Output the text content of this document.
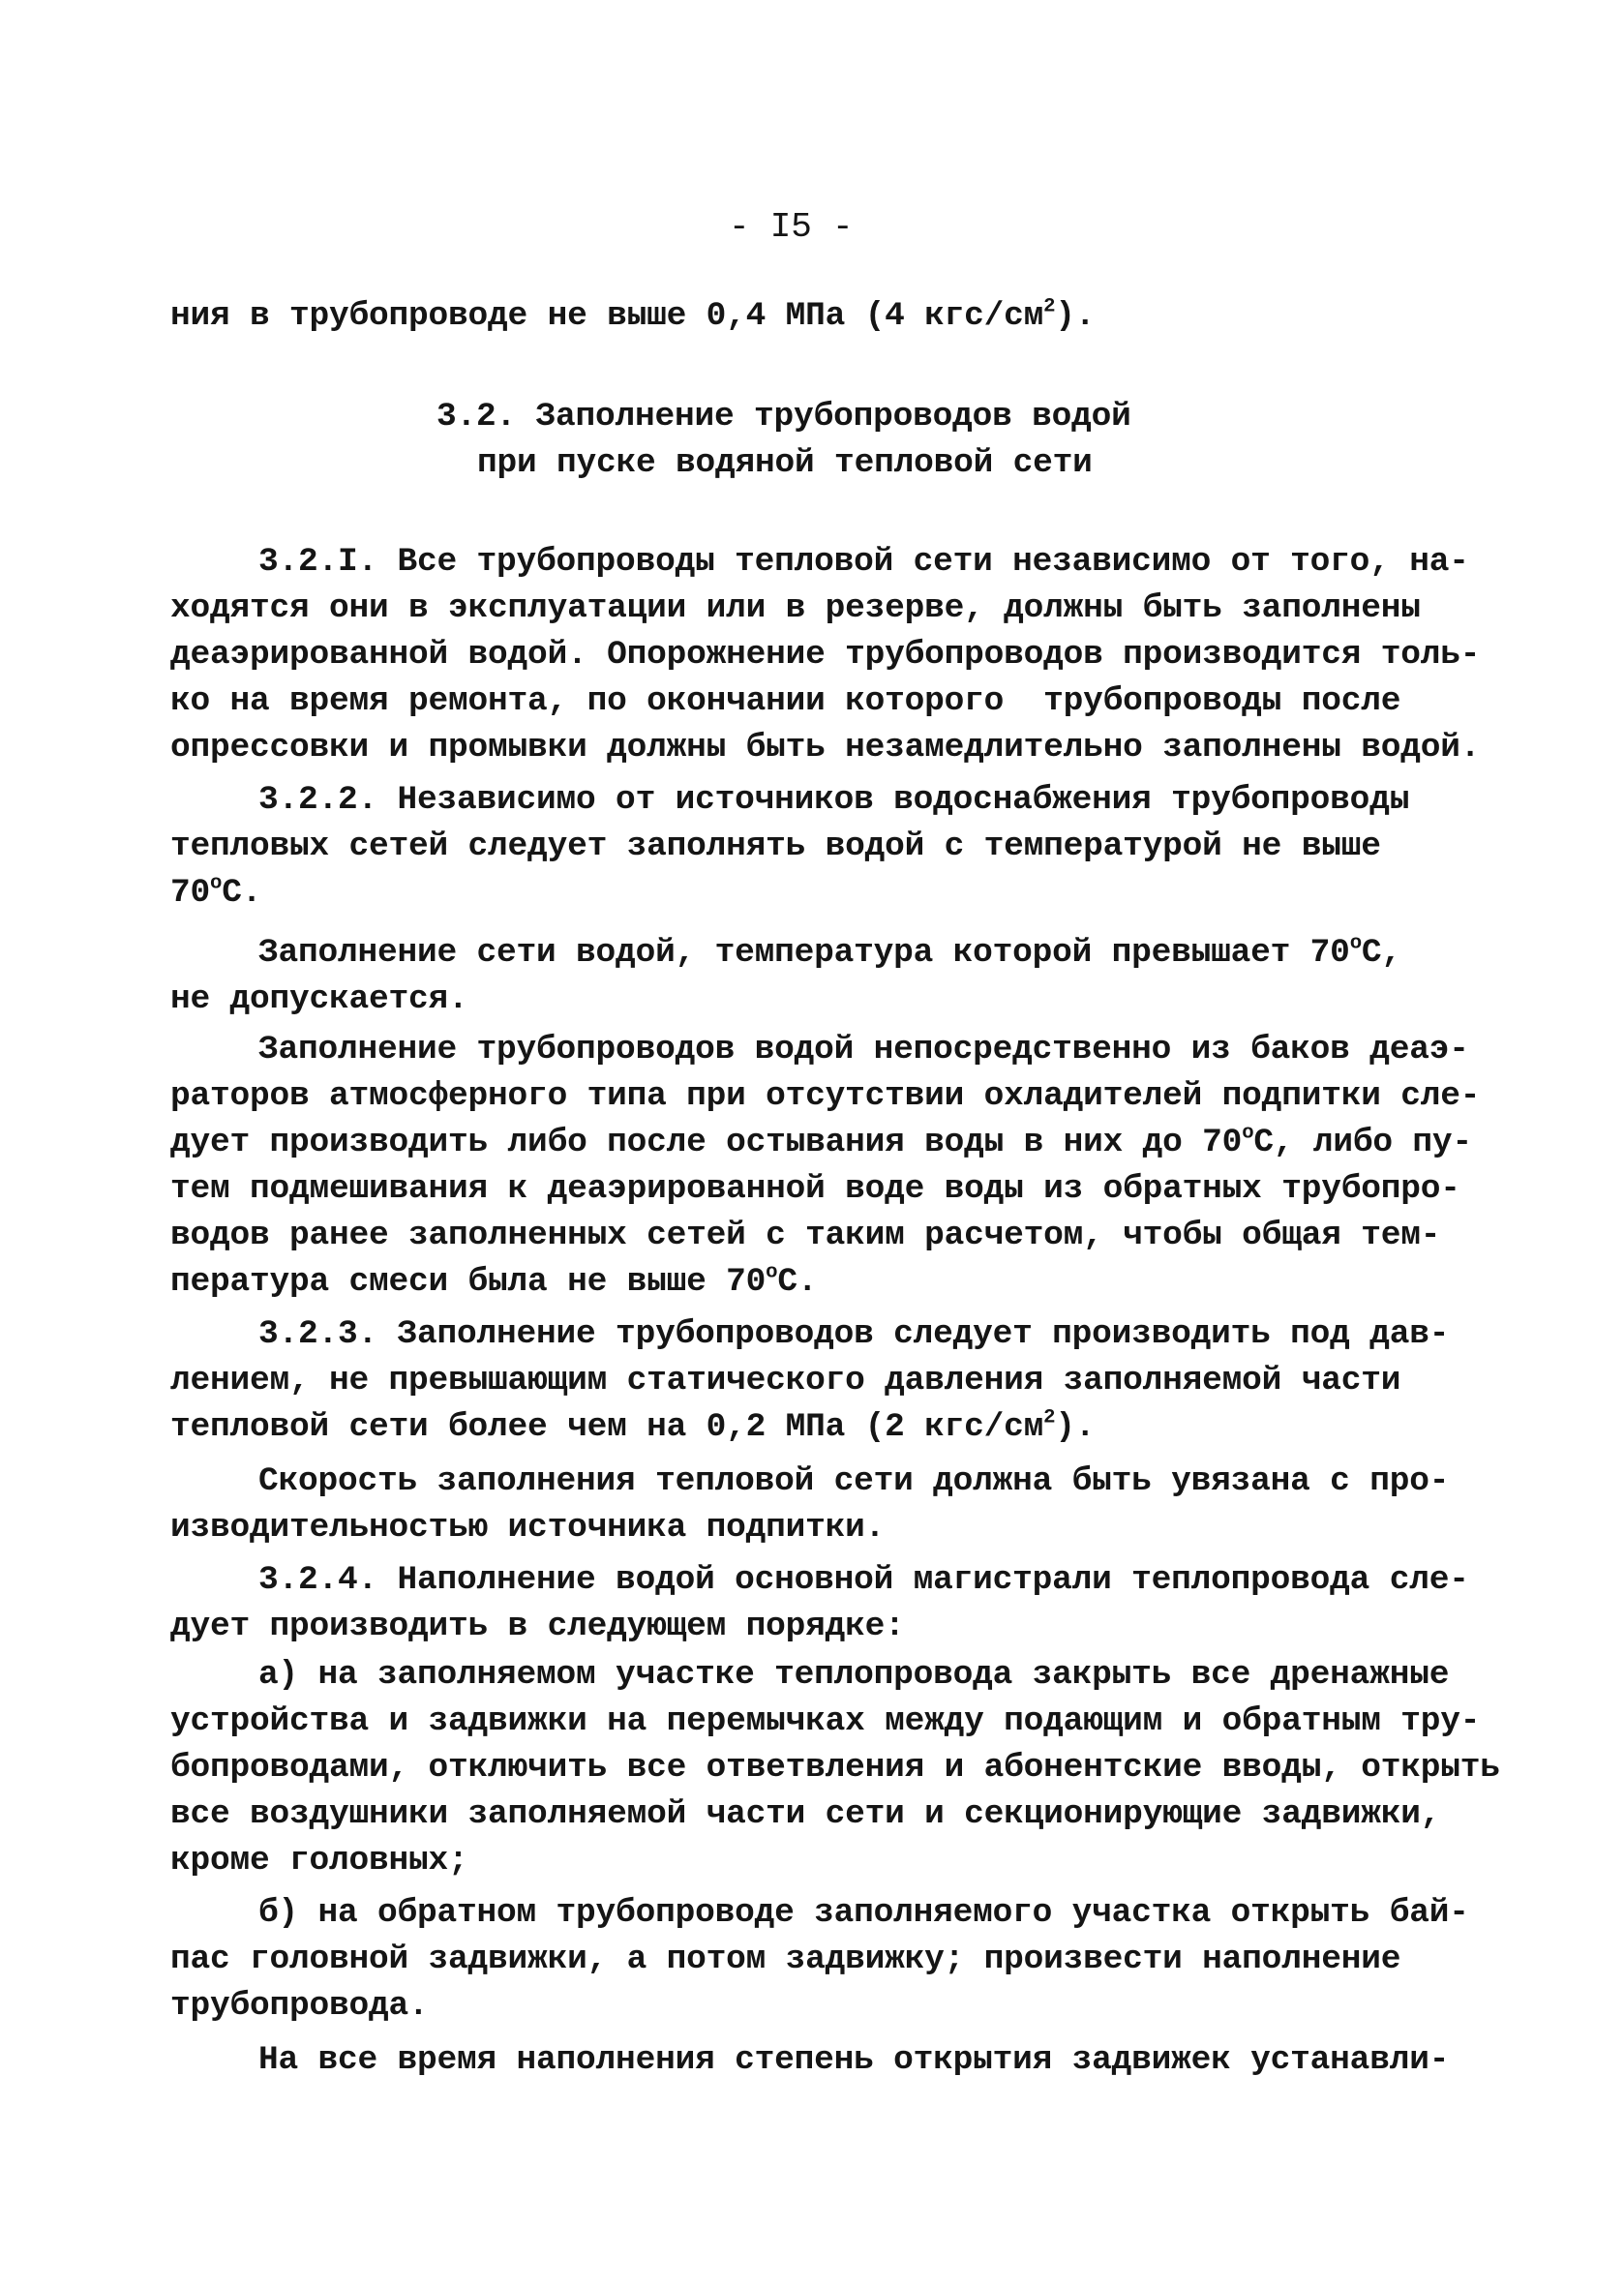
- I5 -
ния в трубопроводе не выше 0,4 МПа (4 кгс/$см^2$).
3.2. Заполнение трубопроводов водой
при пуске водяной тепловой сети
3.2.I. Все трубопроводы тепловой сети независимо от того, на-
ходятся они в эксплуатации или в резерве, должны быть заполнены
деаэрированной водой. Опорожнение трубопроводов производится толь-
ко на время ремонта, по окончании которого  трубопроводы после
опрессовки и промывки должны быть незамедлительно заполнены водой.
3.2.2. Независимо от источников водоснабжения трубопроводы
тепловых сетей следует заполнять водой с температурой не выше
$70^оС$.
Заполнение сети водой, температура которой превышает $70^оС$,
не допускается.
Заполнение трубопроводов водой непосредственно из баков деаэ-
раторов атмосферного типа при отсутствии охладителей подпитки сле-
дует производить либо после остывания воды в них до $70^оС$, либо пу-
тем подмешивания к деаэрированной воде воды из обратных трубопро-
водов ранее заполненных сетей с таким расчетом, чтобы общая тем-
пература смеси была не выше $70^оС$.
3.2.3. Заполнение трубопроводов следует производить под дав-
лением, не превышающим статического давления заполняемой части
тепловой сети более чем на 0,2 МПа (2 кгс/$см^2$).
Скорость заполнения тепловой сети должна быть увязана с про-
изводительностью источника подпитки.
3.2.4. Наполнение водой основной магистрали теплопровода сле-
дует производить в следующем порядке:
а) на заполняемом участке теплопровода закрыть все дренажные
устройства и задвижки на перемычках между подающим и обратным тру-
бопроводами, отключить все ответвления и абонентские вводы, открыть
все воздушники заполняемой части сети и секционирующие задвижки,
кроме головных;
б) на обратном трубопроводе заполняемого участка открыть бай-
пас головной задвижки, а потом задвижку; произвести наполнение
трубопровода.
На все время наполнения степень открытия задвижек устанавли-
